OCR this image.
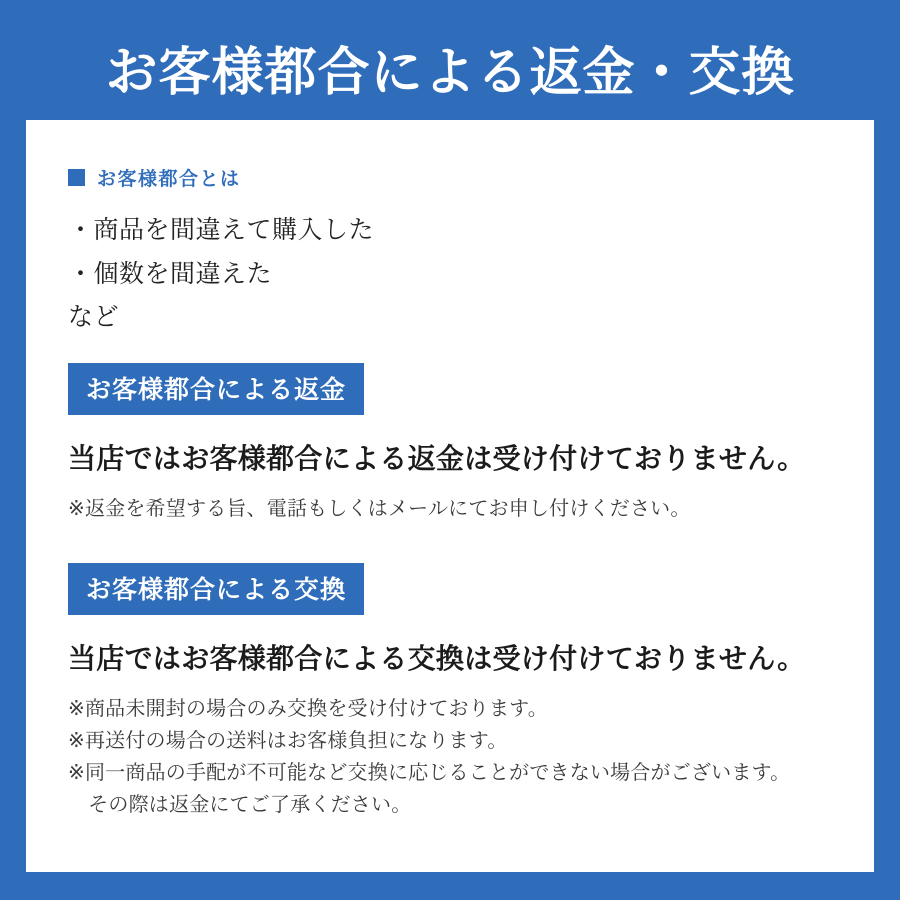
お客様都合による返金・交換
お客様都合とは
・商品を間違えて購入した
・個数を間違えた
など
お客様都合による返金
当店ではお客様都合による返金は受け付けておりません。
※返金を希望する旨、電話もしくはメールにてお申し付けください。
お客様都合による交換
当店ではお客様都合による交換は受け付けておりません。
※商品未開封の場合のみ交換を受け付けております。
※再送付の場合の送料はお客様負担になります。
※同一商品の手配が不可能など交換に応じることができない場合がございます。
　その際は返金にてご了承ください。
